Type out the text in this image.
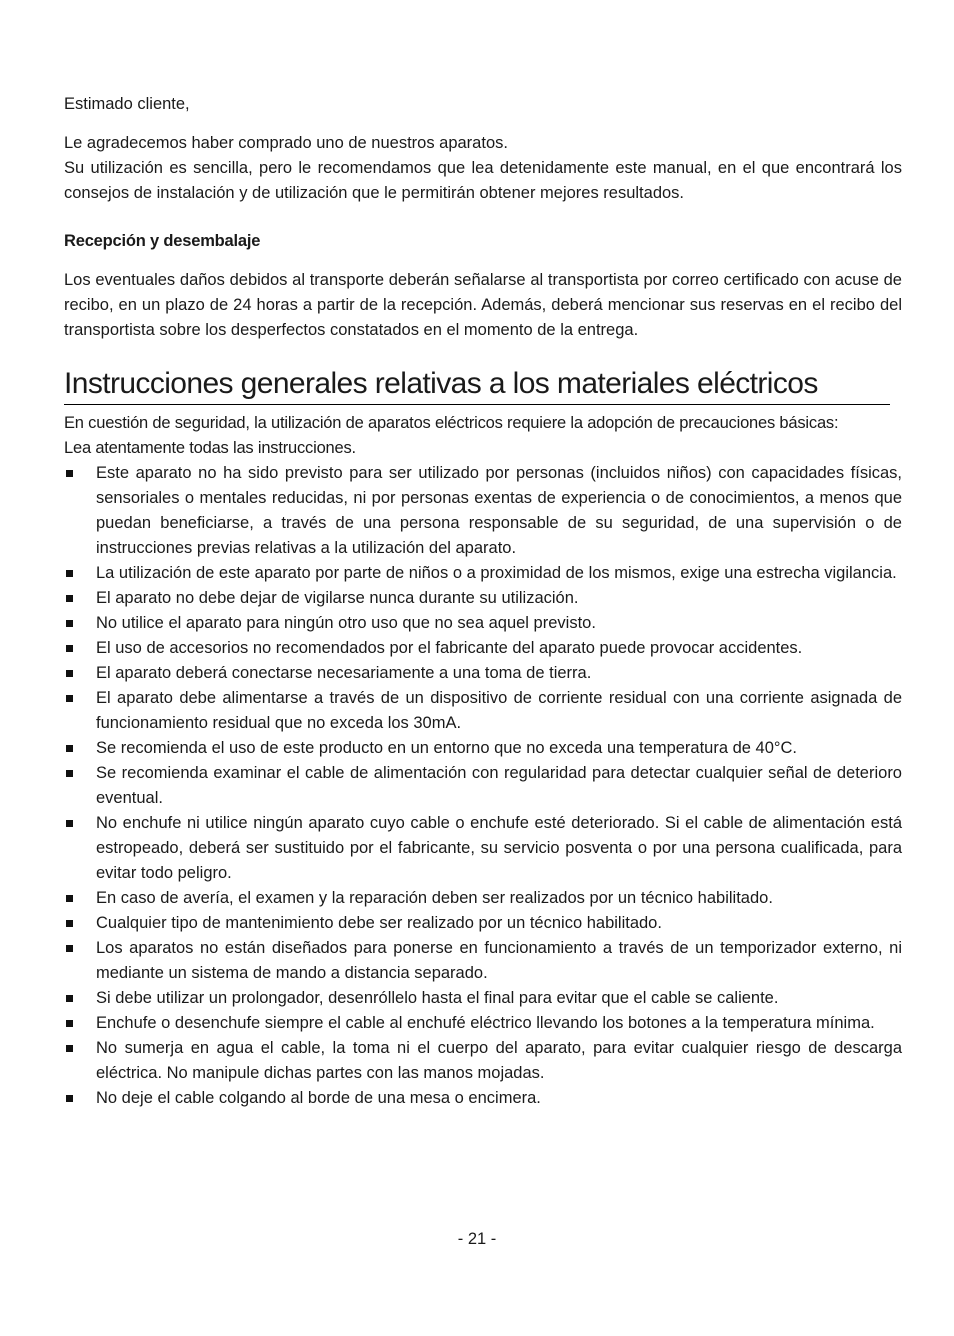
Estimado cliente,

Le agradecemos haber comprado uno de nuestros aparatos.

Su utilización es sencilla, pero le recomendamos que lea detenidamente este manual, en el que encontrará los consejos de instalación y de utilización que le permitirán obtener mejores resultados.

Recepción y desembalaje

Los eventuales daños debidos al transporte deberán señalarse al transportista por correo certificado con acuse de recibo, en un plazo de 24 horas a partir de la recepción. Además, deberá mencionar sus reservas en el recibo del transportista sobre los desperfectos constatados en el momento de la entrega.

Instrucciones generales relativas a los materiales eléctricos

En cuestión de seguridad, la utilización de aparatos eléctricos requiere la adopción de precauciones básicas:

Lea atentamente todas las instrucciones.

Este aparato no ha sido previsto para ser utilizado por personas (incluidos niños) con capacidades físicas, sensoriales o mentales reducidas, ni por personas exentas de experiencia o de conocimientos, a menos que puedan beneficiarse, a través de una persona responsable de su seguridad, de una supervisión o de instrucciones previas relativas a la utilización del aparato.
La utilización de este aparato por parte de niños o a proximidad de los mismos, exige una estrecha vigilancia.
El aparato no debe dejar de vigilarse nunca durante su utilización.
No utilice el aparato para ningún otro uso que no sea aquel previsto.
El uso de accesorios no recomendados por el fabricante del aparato puede provocar accidentes.
El aparato deberá conectarse necesariamente a una toma de tierra.
El aparato debe alimentarse a través de un dispositivo de corriente residual con una corriente asignada de funcionamiento residual que no exceda los 30mA.
Se recomienda el uso de este producto en un entorno que no exceda una temperatura de 40°C.
Se recomienda examinar el cable de alimentación con regularidad para detectar cualquier señal de deterioro eventual.
No enchufe ni utilice ningún aparato cuyo cable o enchufe esté deteriorado. Si el cable de alimentación está estropeado, deberá ser sustituido por el fabricante, su servicio posventa o por una persona cualificada, para evitar todo peligro.
En caso de avería, el examen y la reparación deben ser realizados por un técnico habilitado.
Cualquier tipo de mantenimiento debe ser realizado por un técnico habilitado.
Los aparatos no están diseñados para ponerse en funcionamiento a través de un temporizador externo, ni mediante un sistema de mando a distancia separado.
Si debe utilizar un prolongador, desenróllelo hasta el final para evitar que el cable se caliente.
Enchufe o desenchufe siempre el cable al enchufé eléctrico llevando los botones a la temperatura mínima.
No sumerja en agua el cable, la toma ni el cuerpo del aparato, para evitar cualquier riesgo de descarga eléctrica. No manipule dichas partes con las manos mojadas.
No deje el cable colgando al borde de una mesa o encimera.
- 21 -
